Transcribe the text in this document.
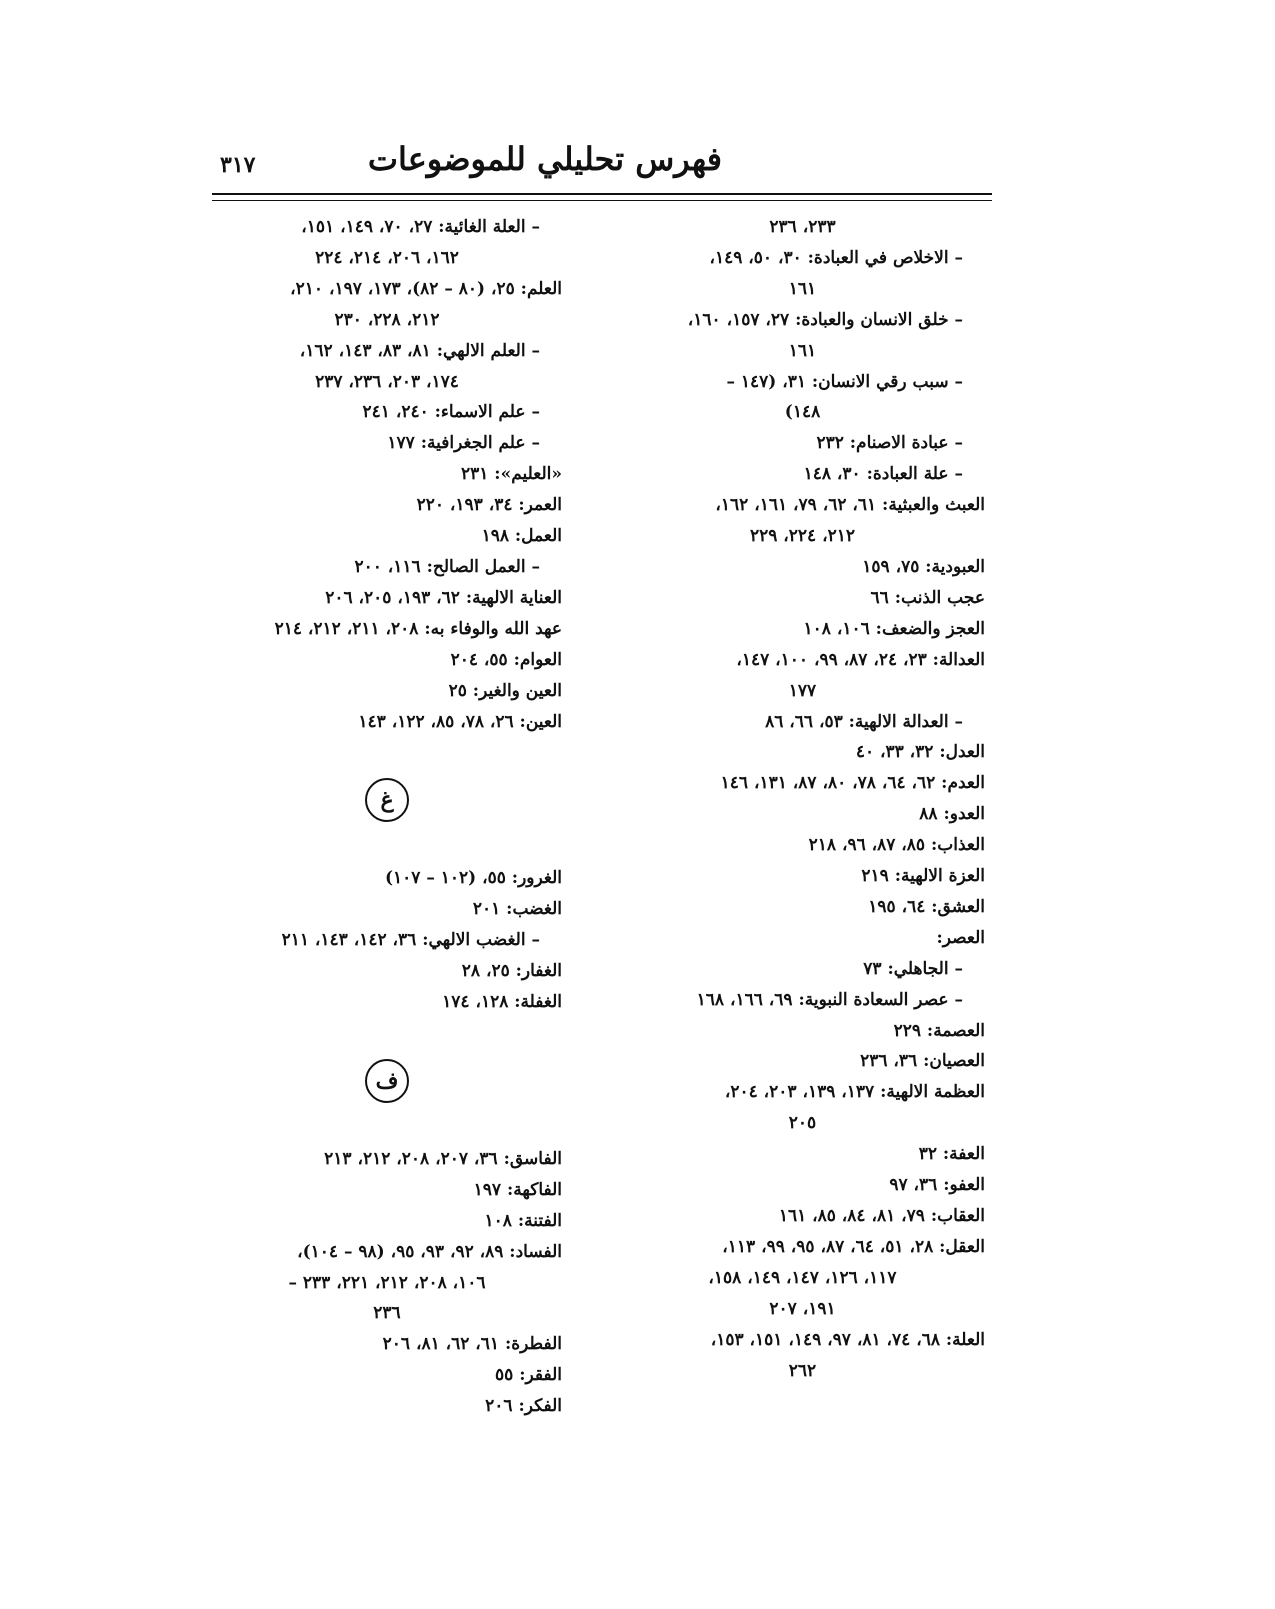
فهرس تحليلي للموضوعات
٣١٧
٢٣٣، ٢٣٦
– الاخلاص في العبادة: ٣٠، ٥٠، ١٤٩،
١٦١
– خلق الانسان والعبادة: ٢٧، ١٥٧، ١٦٠،
١٦١
– سبب رقي الانسان: ٣١، (١٤٧ –
١٤٨)
– عبادة الاصنام: ٢٣٢
– علة العبادة: ٣٠، ١٤٨
العبث والعبثية: ٦١، ٦٢، ٧٩، ١٦١، ١٦٢،
٢١٢، ٢٢٤، ٢٢٩
العبودية: ٧٥، ١٥٩
عجب الذنب: ٦٦
العجز والضعف: ١٠٦، ١٠٨
العدالة: ٢٣، ٢٤، ٨٧، ٩٩، ١٠٠، ١٤٧،
١٧٧
– العدالة الالهية: ٥٣، ٦٦، ٨٦
العدل: ٣٢، ٣٣، ٤٠
العدم: ٦٢، ٦٤، ٧٨، ٨٠، ٨٧، ١٣١، ١٤٦
العدو: ٨٨
العذاب: ٨٥، ٨٧، ٩٦، ٢١٨
العزة الالهية: ٢١٩
العشق: ٦٤، ١٩٥
العصر:
– الجاهلي: ٧٣
– عصر السعادة النبوية: ٦٩، ١٦٦، ١٦٨
العصمة: ٢٢٩
العصيان: ٣٦، ٢٣٦
العظمة الالهية: ١٣٧، ١٣٩، ٢٠٣، ٢٠٤،
٢٠٥
العفة: ٣٢
العفو: ٣٦، ٩٧
العقاب: ٧٩، ٨١، ٨٤، ٨٥، ١٦١
العقل: ٢٨، ٥١، ٦٤، ٨٧، ٩٥، ٩٩، ١١٣،
١١٧، ١٢٦، ١٤٧، ١٤٩، ١٥٨،
١٩١، ٢٠٧
العلة: ٦٨، ٧٤، ٨١، ٩٧، ١٤٩، ١٥١، ١٥٣،
٢٦٢
– العلة الغائية: ٢٧، ٧٠، ١٤٩، ١٥١،
١٦٢، ٢٠٦، ٢١٤، ٢٢٤
العلم: ٢٥، (٨٠ – ٨٢)، ١٧٣، ١٩٧، ٢١٠،
٢١٢، ٢٢٨، ٢٣٠
– العلم الالهي: ٨١، ٨٣، ١٤٣، ١٦٢،
١٧٤، ٢٠٣، ٢٣٦، ٢٣٧
– علم الاسماء: ٢٤٠، ٢٤١
– علم الجغرافية: ١٧٧
«العليم»: ٢٣١
العمر: ٣٤، ١٩٣، ٢٢٠
العمل: ١٩٨
– العمل الصالح: ١١٦، ٢٠٠
العناية الالهية: ٦٢، ١٩٣، ٢٠٥، ٢٠٦
عهد الله والوفاء به: ٢٠٨، ٢١١، ٢١٢، ٢١٤
العوام: ٥٥، ٢٠٤
العين والغير: ٢٥
العين: ٢٦، ٧٨، ٨٥، ١٢٢، ١٤٣
غ
الغرور: ٥٥، (١٠٢ – ١٠٧)
الغضب: ٢٠١
– الغضب الالهي: ٣٦، ١٤٢، ١٤٣، ٢١١
الغفار: ٢٥، ٢٨
الغفلة: ١٢٨، ١٧٤
ف
الفاسق: ٣٦، ٢٠٧، ٢٠٨، ٢١٢، ٢١٣
الفاكهة: ١٩٧
الفتنة: ١٠٨
الفساد: ٨٩، ٩٢، ٩٣، ٩٥، (٩٨ – ١٠٤)،
١٠٦، ٢٠٨، ٢١٢، ٢٢١، ٢٣٣ –
٢٣٦
الفطرة: ٦١، ٦٢، ٨١، ٢٠٦
الفقر: ٥٥
الفكر: ٢٠٦
